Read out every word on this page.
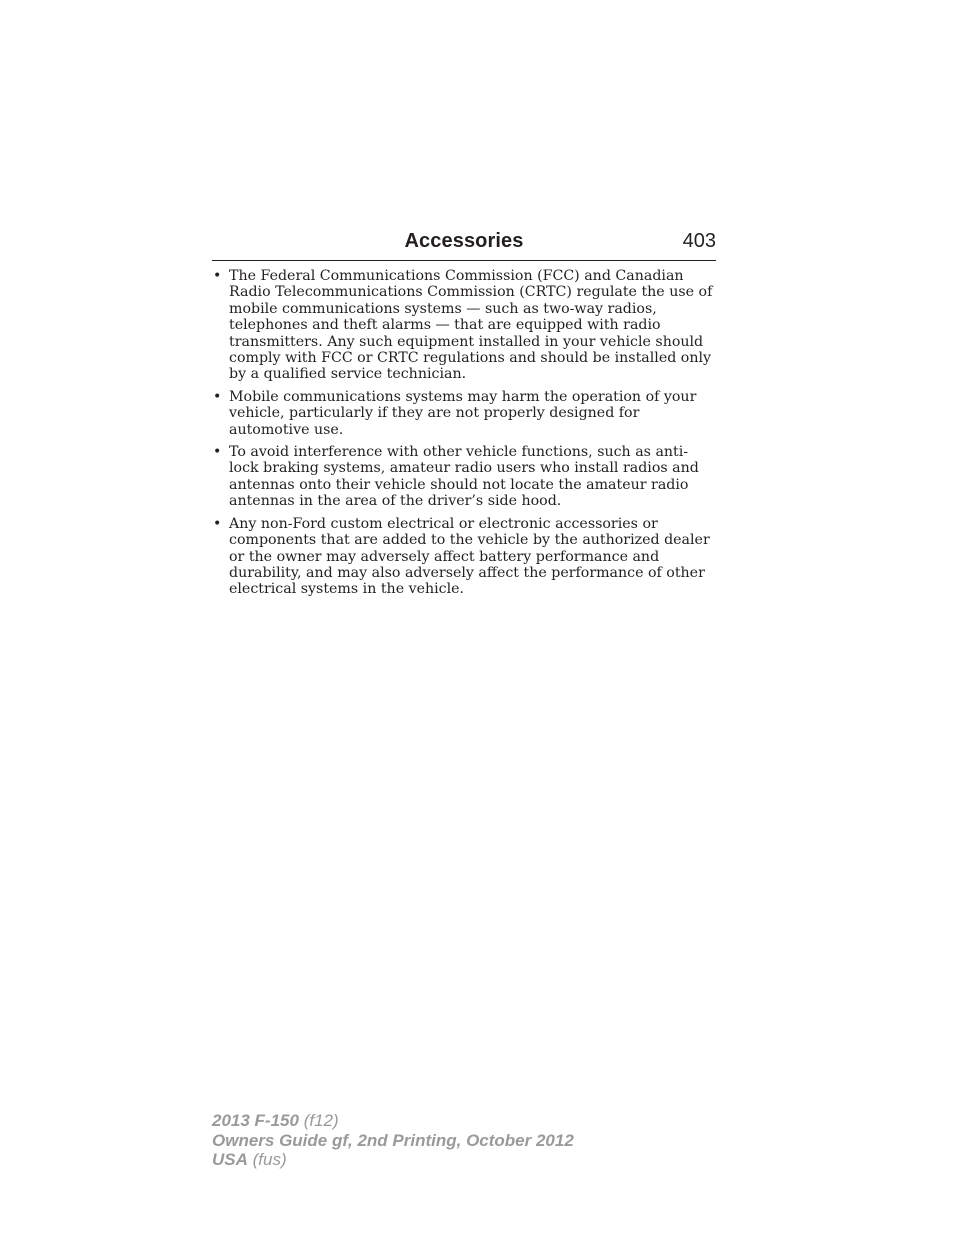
Accessories	403
• The Federal Communications Commission (FCC) and Canadian Radio Telecommunications Commission (CRTC) regulate the use of mobile communications systems — such as two-way radios, telephones and theft alarms — that are equipped with radio transmitters. Any such equipment installed in your vehicle should comply with FCC or CRTC regulations and should be installed only by a qualified service technician.
• Mobile communications systems may harm the operation of your vehicle, particularly if they are not properly designed for automotive use.
• To avoid interference with other vehicle functions, such as anti-lock braking systems, amateur radio users who install radios and antennas onto their vehicle should not locate the amateur radio antennas in the area of the driver’s side hood.
• Any non-Ford custom electrical or electronic accessories or components that are added to the vehicle by the authorized dealer or the owner may adversely affect battery performance and durability, and may also adversely affect the performance of other electrical systems in the vehicle.
2013 F-150 (f12)
Owners Guide gf, 2nd Printing, October 2012
USA (fus)
